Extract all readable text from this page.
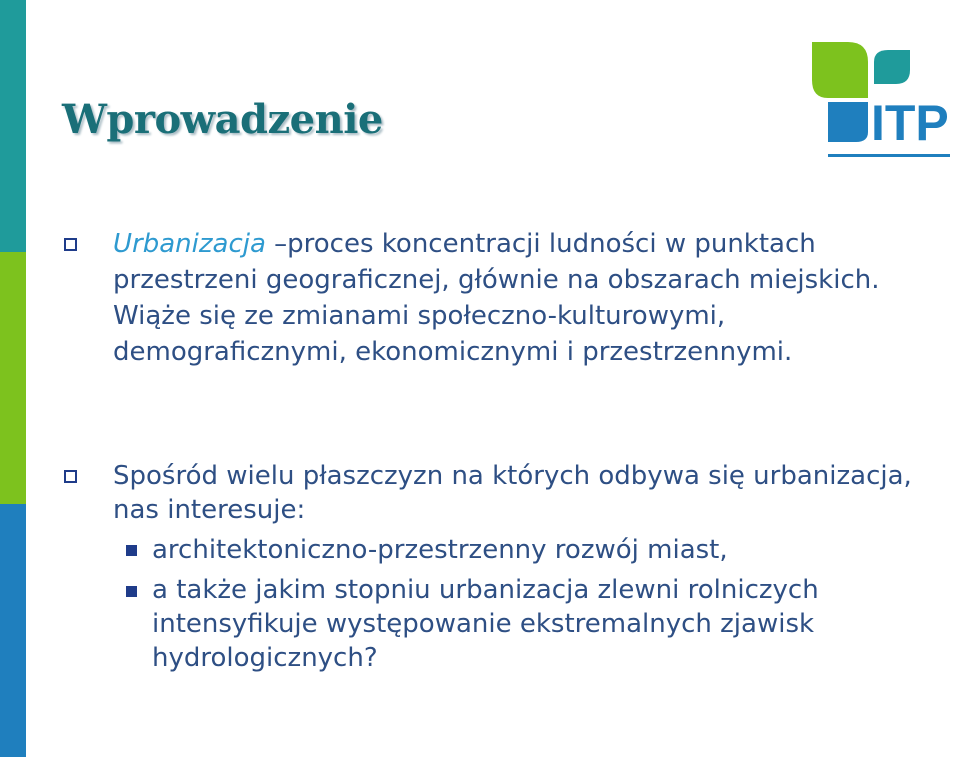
Wprowadzenie	ITP

Urbanizacja –proces koncentracji ludności w punktach przestrzeni geograficznej, głównie na obszarach miejskich. Wiąże się ze zmianami społeczno-kulturowymi, demograficznymi, ekonomicznymi i przestrzennymi.

Spośród wielu płaszczyzn na których odbywa się urbanizacja, nas interesuje:

architektoniczno-przestrzenny rozwój miast,

a także jakim stopniu urbanizacja zlewni rolniczych intensyfikuje występowanie ekstremalnych zjawisk hydrologicznych?
